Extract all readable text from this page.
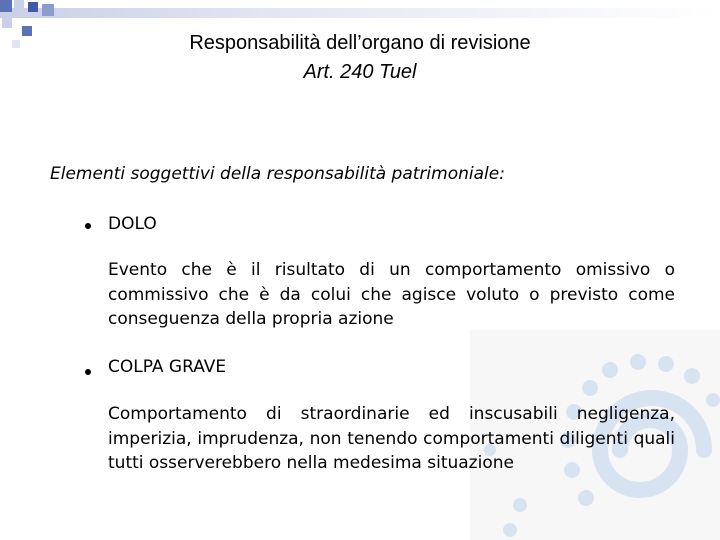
Responsabilità dell’organo di revisione
Art. 240 Tuel
Elementi soggettivi della responsabilità patrimoniale:
DOLO
Evento che è il risultato di un comportamento omissivo o commissivo che è da colui che agisce voluto o previsto come conseguenza della propria azione
COLPA GRAVE
Comportamento di straordinarie ed inscusabili negligenza, imperizia, imprudenza, non tenendo comportamenti diligenti quali tutti osserverebbero nella medesima situazione
